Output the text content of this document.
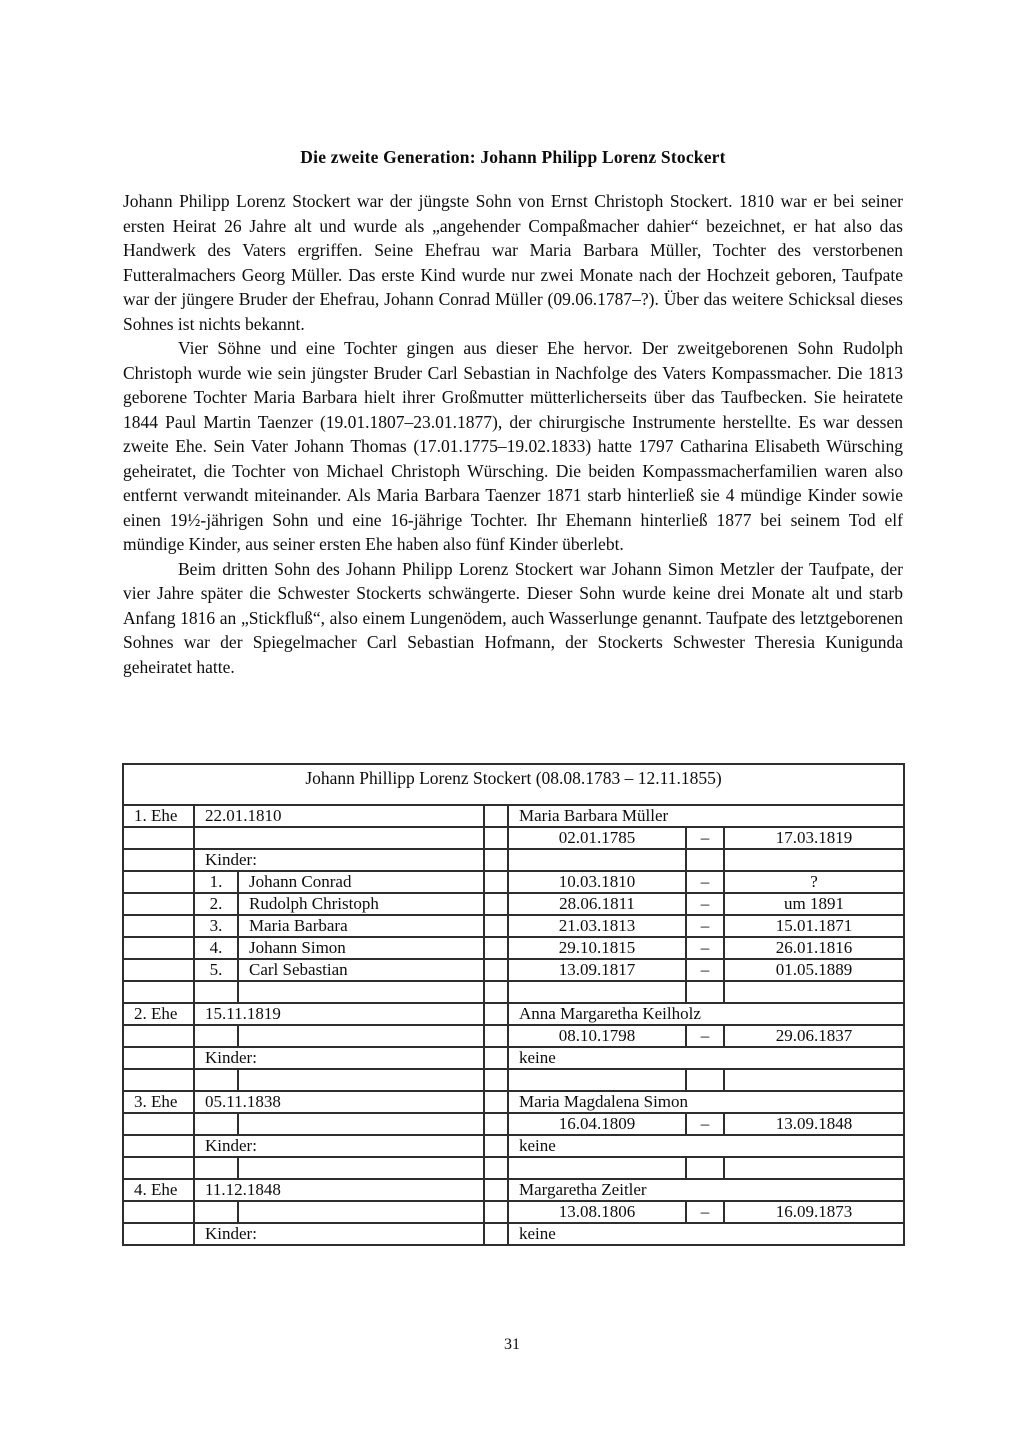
Die zweite Generation: Johann Philipp Lorenz Stockert

Johann Philipp Lorenz Stockert war der jüngste Sohn von Ernst Christoph Stockert. 1810 war er bei seiner ersten Heirat 26 Jahre alt und wurde als „angehender Compaßmacher dahier“ bezeichnet, er hat also das Handwerk des Vaters ergriffen. Seine Ehefrau war Maria Barbara Müller, Tochter des verstorbenen Futteralmachers Georg Müller. Das erste Kind wurde nur zwei Monate nach der Hochzeit geboren, Taufpate war der jüngere Bruder der Ehefrau, Johann Conrad Müller (09.06.1787–?). Über das weitere Schicksal dieses Sohnes ist nichts bekannt.

Vier Söhne und eine Tochter gingen aus dieser Ehe hervor. Der zweitgeborenen Sohn Rudolph Christoph wurde wie sein jüngster Bruder Carl Sebastian in Nachfolge des Vaters Kompassmacher. Die 1813 geborene Tochter Maria Barbara hielt ihrer Großmutter mütterlicherseits über das Taufbecken. Sie heiratete 1844 Paul Martin Taenzer (19.01.1807–23.01.1877), der chirurgische Instrumente herstellte. Es war dessen zweite Ehe. Sein Vater Johann Thomas (17.01.1775–19.02.1833) hatte 1797 Catharina Elisabeth Würsching geheiratet, die Tochter von Michael Christoph Würsching. Die beiden Kompassmacherfamilien waren also entfernt verwandt miteinander. Als Maria Barbara Taenzer 1871 starb hinterließ sie 4 mündige Kinder sowie einen 19½-jährigen Sohn und eine 16-jährige Tochter. Ihr Ehemann hinterließ 1877 bei seinem Tod elf mündige Kinder, aus seiner ersten Ehe haben also fünf Kinder überlebt.

Beim dritten Sohn des Johann Philipp Lorenz Stockert war Johann Simon Metzler der Taufpate, der vier Jahre später die Schwester Stockerts schwängerte. Dieser Sohn wurde keine drei Monate alt und starb Anfang 1816 an „Stickfluß“, also einem Lungenödem, auch Wasserlunge genannt. Taufpate des letztgeborenen Sohnes war der Spiegelmacher Carl Sebastian Hofmann, der Stockerts Schwester Theresia Kunigunda geheiratet hatte.

Johann Phillipp Lorenz Stockert (08.08.1783 – 12.11.1855)						
1. Ehe	22.01.1810			Maria Barbara Müller		
				02.01.1785	–	17.03.1819
	Kinder:					
	1.	Johann Conrad		10.03.1810	–	?
	2.	Rudolph Christoph		28.06.1811	–	um 1891
	3.	Maria Barbara		21.03.1813	–	15.01.1871
	4.	Johann Simon		29.10.1815	–	26.01.1816
	5.	Carl Sebastian		13.09.1817	–	01.05.1889

2. Ehe	15.11.1819			Anna Margaretha Keilholz		
				08.10.1798	–	29.06.1837
	Kinder:			keine		

3. Ehe	05.11.1838			Maria Magdalena Simon		
				16.04.1809	–	13.09.1848
	Kinder:			keine		

4. Ehe	11.12.1848			Margaretha Zeitler		
				13.08.1806	–	16.09.1873
	Kinder:			keine		
31
